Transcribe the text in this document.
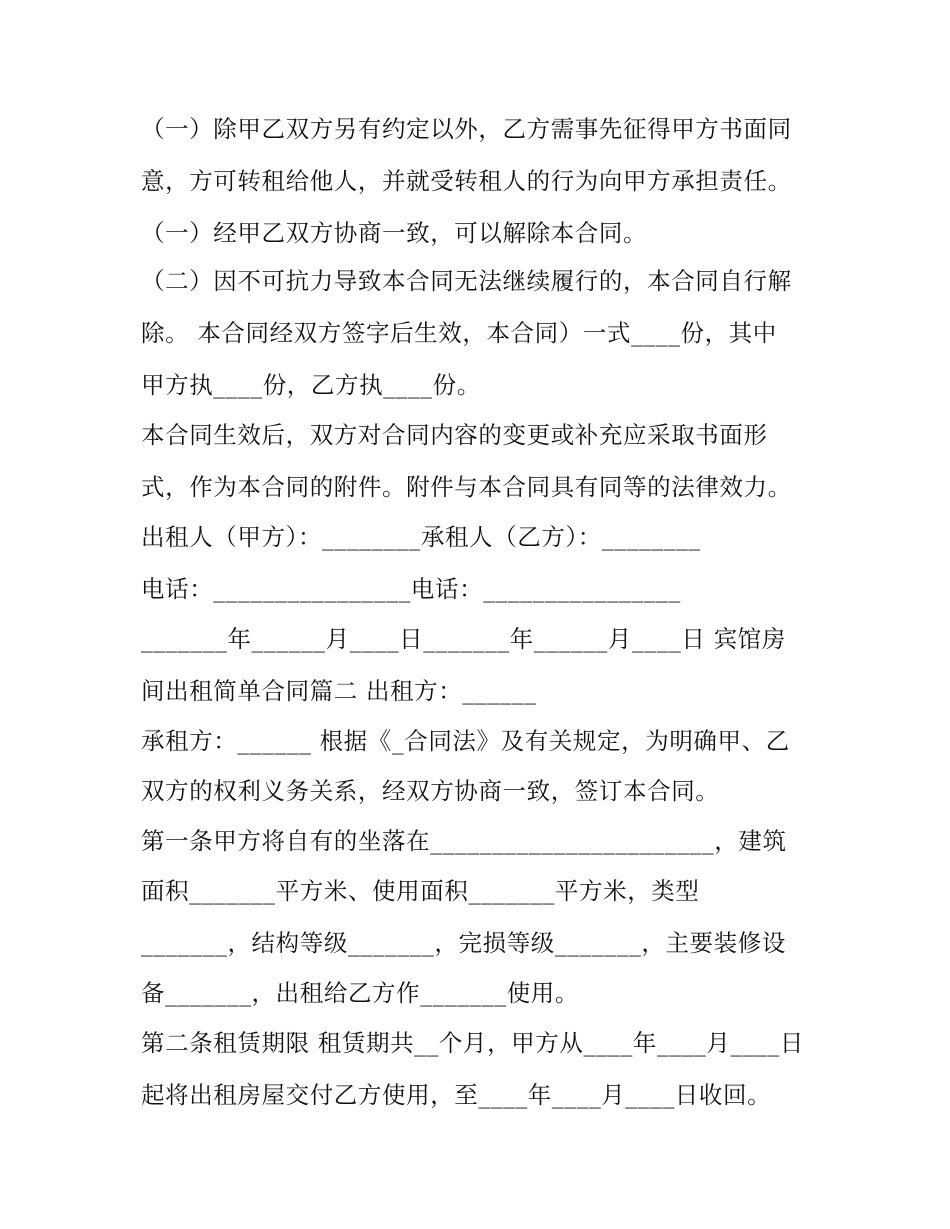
（一）除甲乙双方另有约定以外，乙方需事先征得甲方书面同
意，方可转租给他人，并就受转租人的行为向甲方承担责任。
（一）经甲乙双方协商一致，可以解除本合同。
（二）因不可抗力导致本合同无法继续履行的，本合同自行解
除。 本合同经双方签字后生效，本合同）一式____份，其中
甲方执____份，乙方执____份。
本合同生效后，双方对合同内容的变更或补充应采取书面形
式，作为本合同的附件。附件与本合同具有同等的法律效力。
出租人（甲方）：________承租人（乙方）：________
电话：________________电话：________________
_______年______月____日_______年______月____日 宾馆房
间出租简单合同篇二 出租方：______
承租方：______ 根据《_合同法》及有关规定，为明确甲、乙
双方的权利义务关系，经双方协商一致，签订本合同。
第一条甲方将自有的坐落在_______________________，建筑
面积_______平方米、使用面积_______平方米，类型
_______，结构等级_______，完损等级_______，主要装修设
备_______，出租给乙方作_______使用。
第二条租赁期限 租赁期共__个月，甲方从____年____月____日
起将出租房屋交付乙方使用，至____年____月____日收回。
